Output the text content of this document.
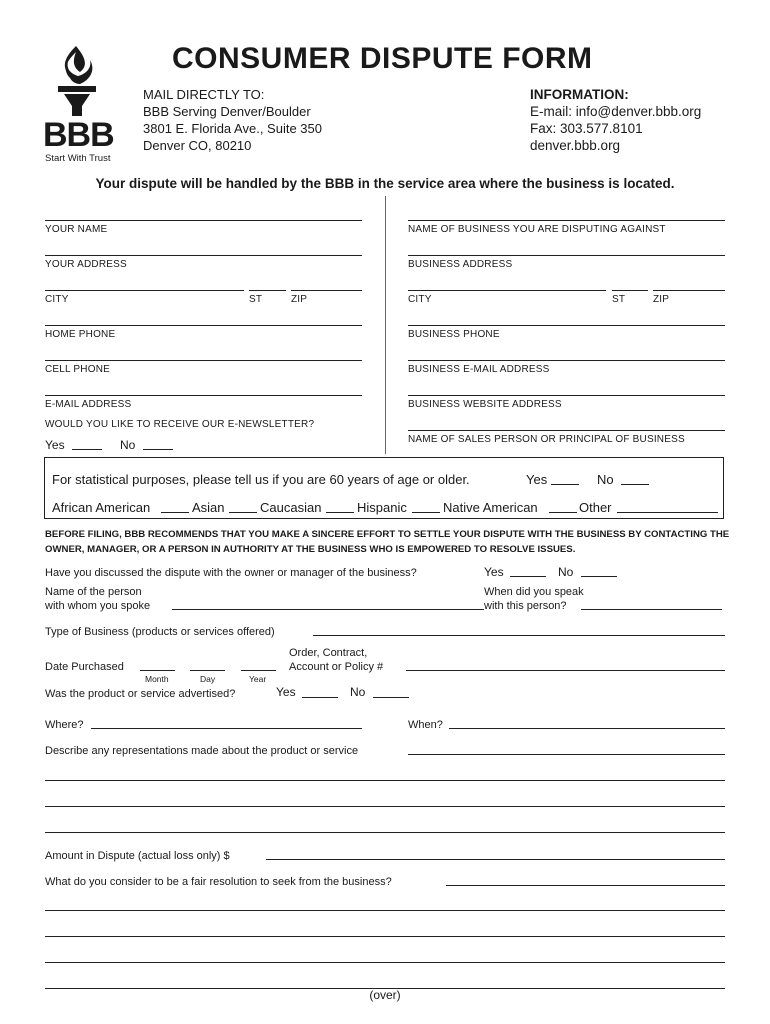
BBB
Start With Trust
CONSUMER DISPUTE FORM
MAIL DIRECTLY TO:
BBB Serving Denver/Boulder
3801 E. Florida Ave., Suite 350
Denver CO, 80210
INFORMATION:
E-mail: info@denver.bbb.org
Fax: 303.577.8101
denver.bbb.org
Your dispute will be handled by the BBB in the service area where the business is located.
YOUR NAME
YOUR ADDRESS
CITY	ST	ZIP
HOME PHONE
CELL PHONE
E-MAIL ADDRESS
WOULD YOU LIKE TO RECEIVE OUR E-NEWSLETTER?
Yes	No
NAME OF BUSINESS YOU ARE DISPUTING AGAINST
BUSINESS ADDRESS
CITY	ST	ZIP
BUSINESS PHONE
BUSINESS E-MAIL ADDRESS
BUSINESS WEBSITE ADDRESS
NAME OF SALES PERSON OR PRINCIPAL OF BUSINESS
For statistical purposes, please tell us if you are 60 years of age or older.	Yes	No
African American	Asian	Caucasian	Hispanic	Native American	Other
BEFORE FILING, BBB RECOMMENDS THAT YOU MAKE A SINCERE EFFORT TO SETTLE YOUR DISPUTE WITH THE BUSINESS BY CONTACTING THE OWNER, MANAGER, OR A PERSON IN AUTHORITY AT THE BUSINESS WHO IS EMPOWERED TO RESOLVE ISSUES.
Have you discussed the dispute with the owner or manager of the business?	Yes	No
Name of the person
with whom you spoke
When did you speak
with this person?
Type of Business (products or services offered)
Date Purchased
Month	Day	Year
Order, Contract,
Account or Policy #
Was the product or service advertised?	Yes	No
Where?	When?
Describe any representations made about the product or service
Amount in Dispute (actual loss only) $
What do you consider to be a fair resolution to seek from the business?
(over)
